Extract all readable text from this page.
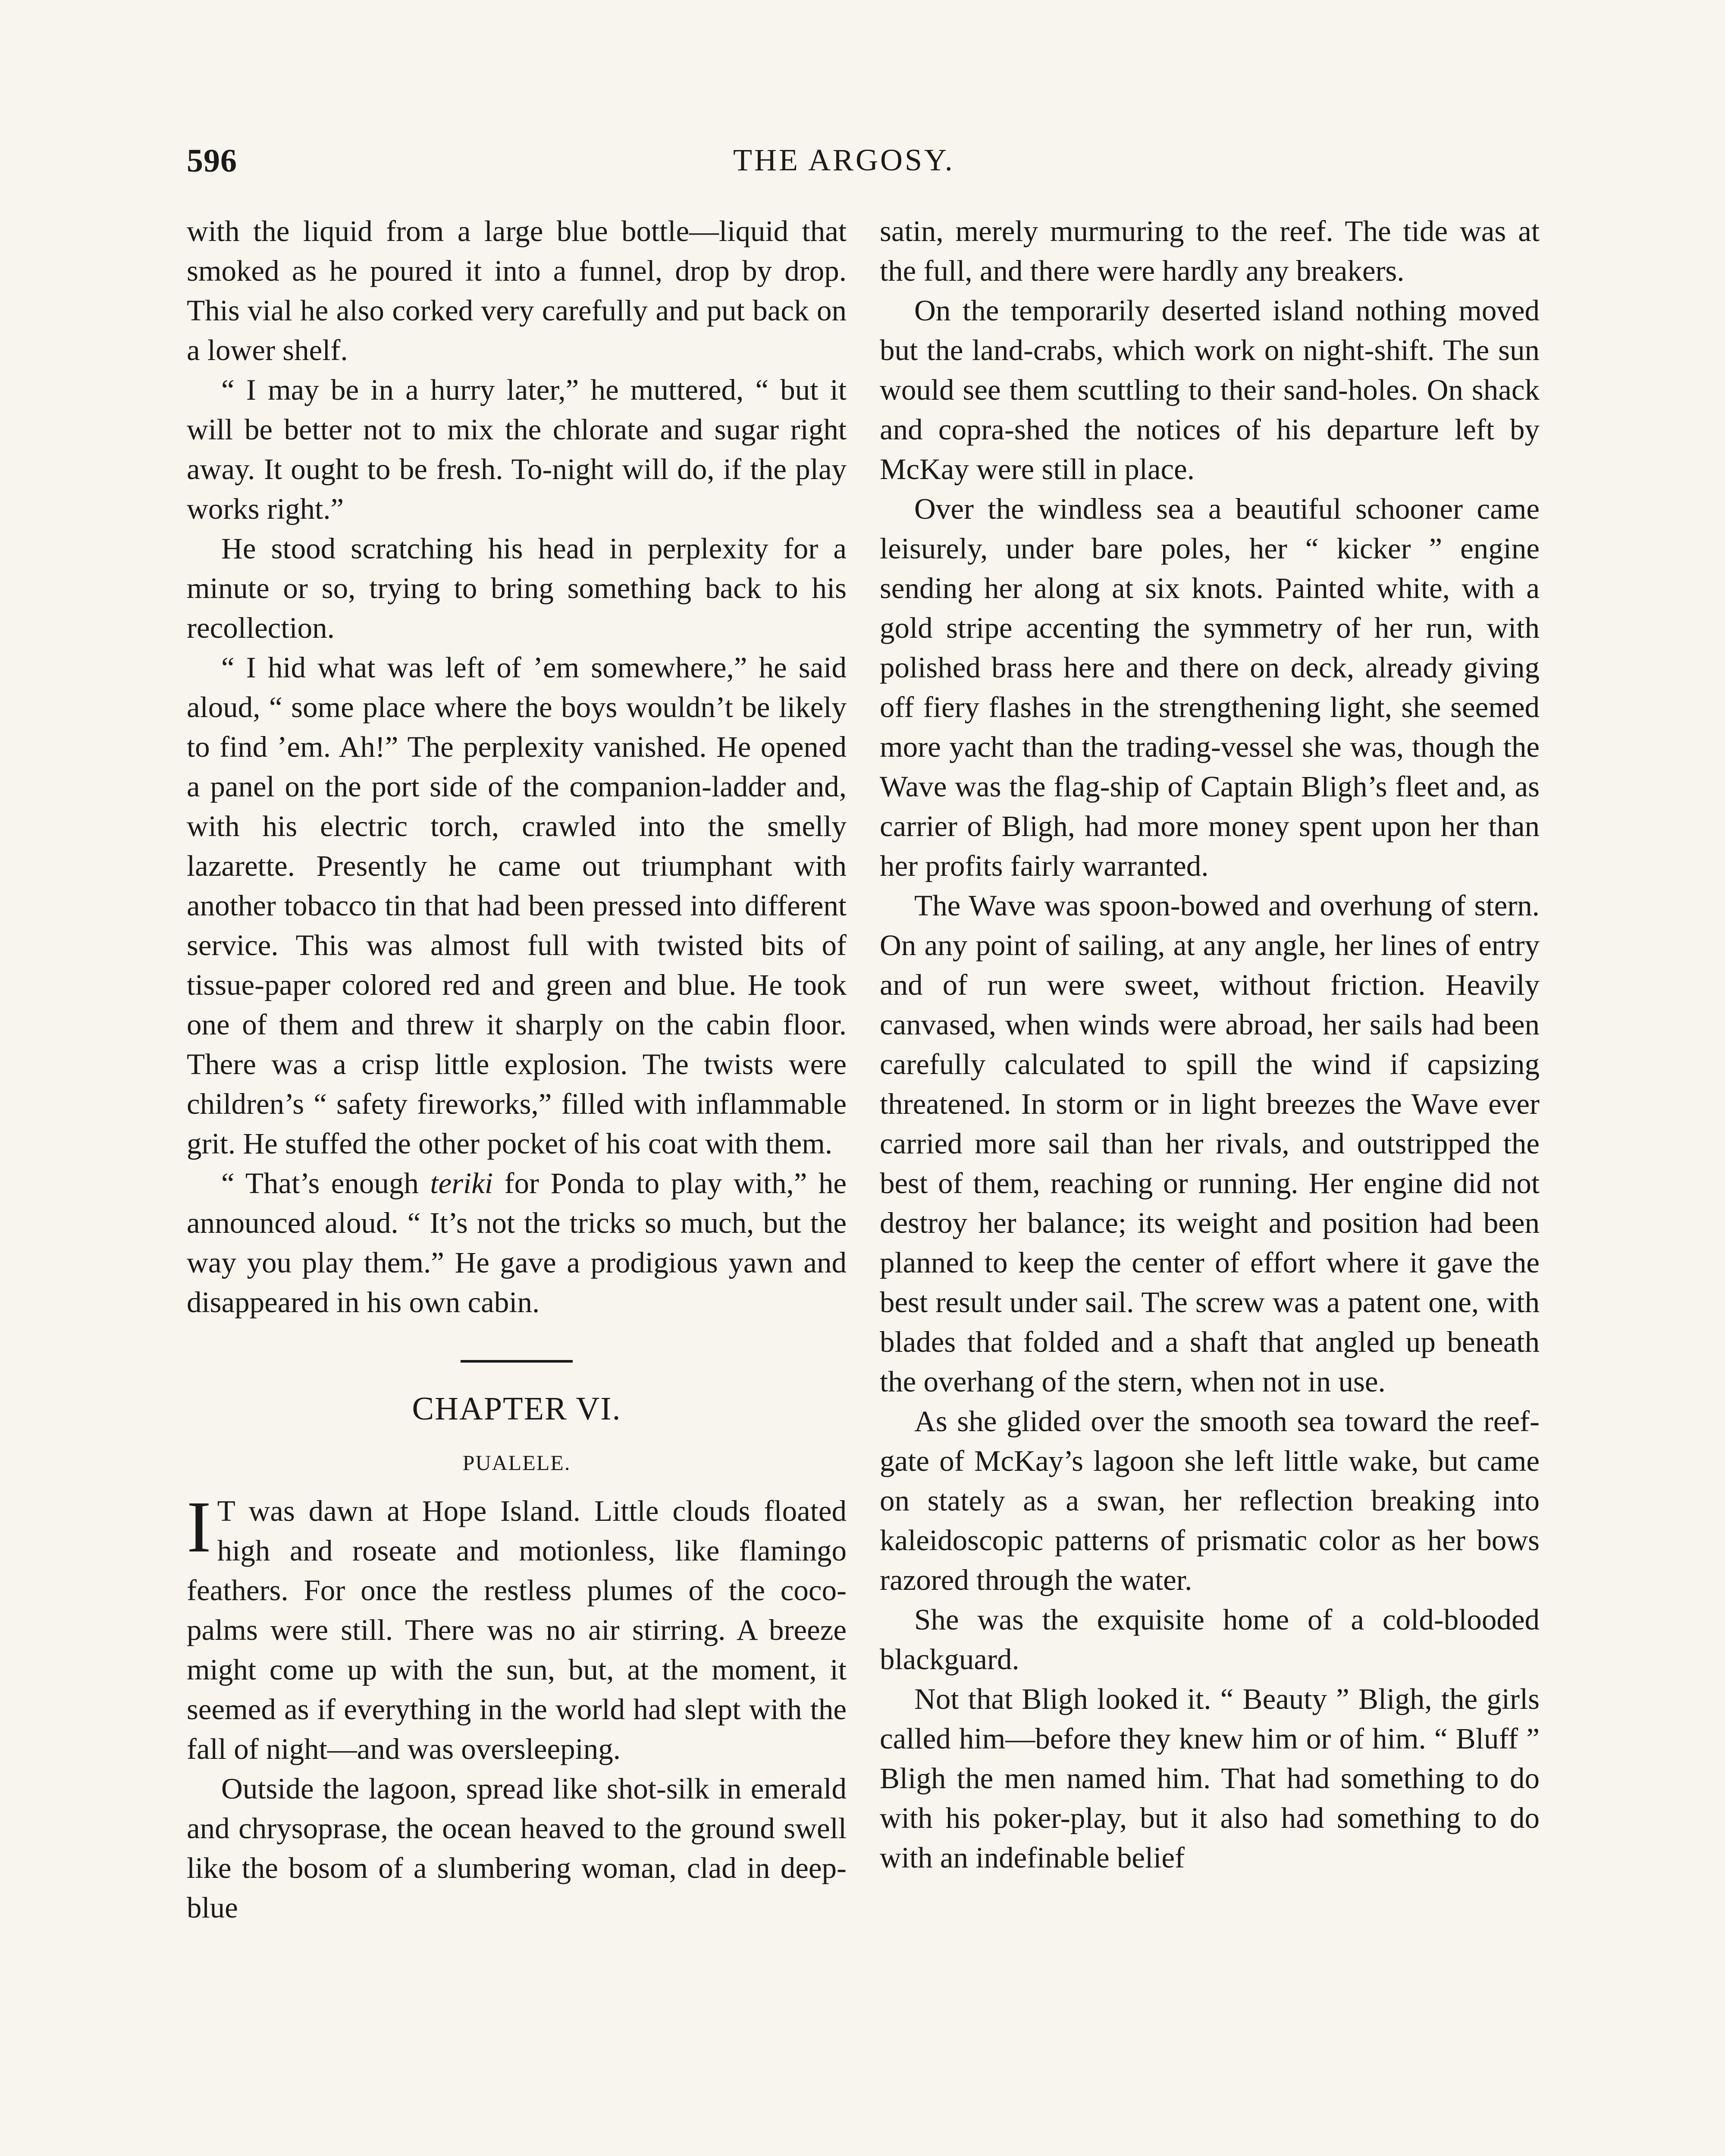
596	THE ARGOSY.

with the liquid from a large blue bottle—liquid that smoked as he poured it into a funnel, drop by drop. This vial he also corked very carefully and put back on a lower shelf.

“ I may be in a hurry later,” he muttered, “ but it will be better not to mix the chlorate and sugar right away. It ought to be fresh. To-night will do, if the play works right.”

He stood scratching his head in perplexity for a minute or so, trying to bring something back to his recollection.

“ I hid what was left of ’em somewhere,” he said aloud, “ some place where the boys wouldn’t be likely to find ’em. Ah!” The perplexity vanished. He opened a panel on the port side of the companion-ladder and, with his electric torch, crawled into the smelly lazarette. Presently he came out triumphant with another tobacco tin that had been pressed into different service. This was almost full with twisted bits of tissue-paper colored red and green and blue. He took one of them and threw it sharply on the cabin floor. There was a crisp little explosion. The twists were children’s “ safety fireworks,” filled with inflammable grit. He stuffed the other pocket of his coat with them.

“ That’s enough teriki for Ponda to play with,” he announced aloud. “ It’s not the tricks so much, but the way you play them.” He gave a prodigious yawn and disappeared in his own cabin.

CHAPTER VI.
PUALELE.

I T was dawn at Hope Island. Little clouds floated high and roseate and motionless, like flamingo feathers. For once the restless plumes of the coco-palms were still. There was no air stirring. A breeze might come up with the sun, but, at the moment, it seemed as if everything in the world had slept with the fall of night—and was oversleeping.

Outside the lagoon, spread like shot-silk in emerald and chrysoprase, the ocean heaved to the ground swell like the bosom of a slumbering woman, clad in deep-blue

satin, merely murmuring to the reef. The tide was at the full, and there were hardly any breakers.

On the temporarily deserted island nothing moved but the land-crabs, which work on night-shift. The sun would see them scuttling to their sand-holes. On shack and copra-shed the notices of his departure left by McKay were still in place.

Over the windless sea a beautiful schooner came leisurely, under bare poles, her “ kicker ” engine sending her along at six knots. Painted white, with a gold stripe accenting the symmetry of her run, with polished brass here and there on deck, already giving off fiery flashes in the strengthening light, she seemed more yacht than the trading-vessel she was, though the Wave was the flag-ship of Captain Bligh’s fleet and, as carrier of Bligh, had more money spent upon her than her profits fairly warranted.

The Wave was spoon-bowed and overhung of stern. On any point of sailing, at any angle, her lines of entry and of run were sweet, without friction. Heavily canvased, when winds were abroad, her sails had been carefully calculated to spill the wind if capsizing threatened. In storm or in light breezes the Wave ever carried more sail than her rivals, and outstripped the best of them, reaching or running. Her engine did not destroy her balance; its weight and position had been planned to keep the center of effort where it gave the best result under sail. The screw was a patent one, with blades that folded and a shaft that angled up beneath the overhang of the stern, when not in use.

As she glided over the smooth sea toward the reef-gate of McKay’s lagoon she left little wake, but came on stately as a swan, her reflection breaking into kaleidoscopic patterns of prismatic color as her bows razored through the water.

She was the exquisite home of a cold-blooded blackguard.

Not that Bligh looked it. “ Beauty ” Bligh, the girls called him—before they knew him or of him. “ Bluff ” Bligh the men named him. That had something to do with his poker-play, but it also had something to do with an indefinable belief
